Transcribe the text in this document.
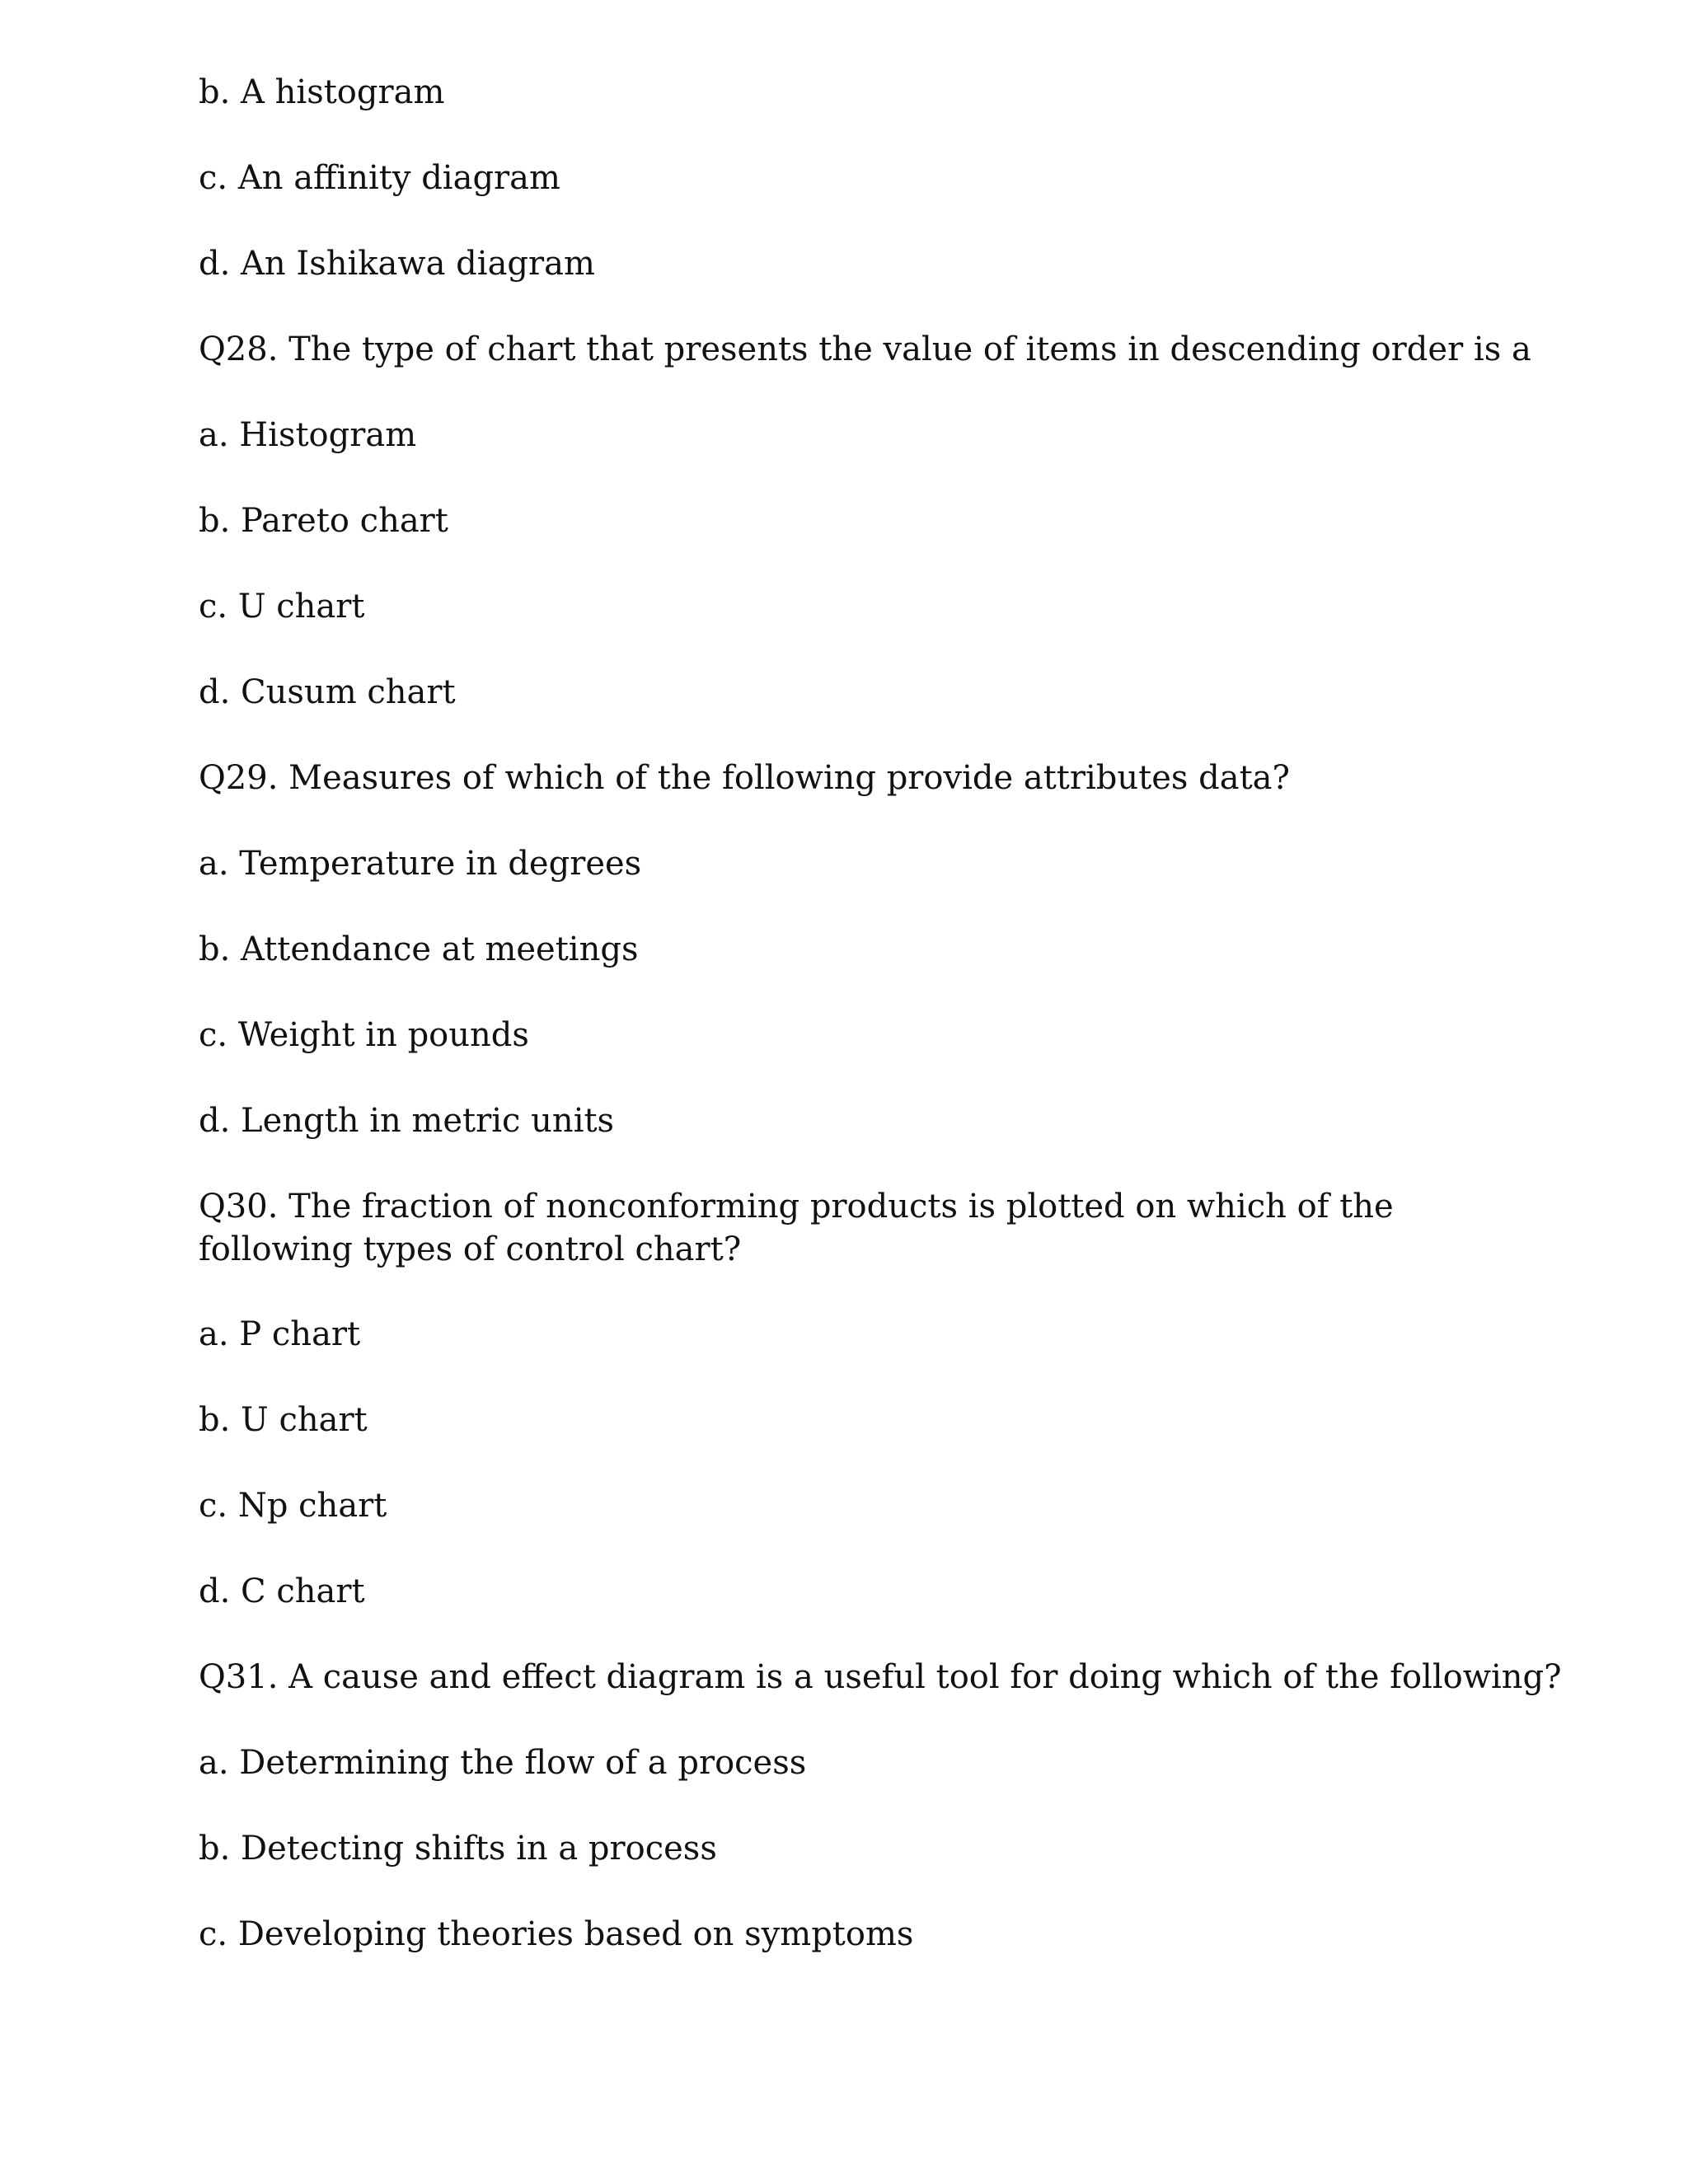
b. A histogram

c. An affinity diagram

d. An Ishikawa diagram

Q28. The type of chart that presents the value of items in descending order is a

a. Histogram

b. Pareto chart

c. U chart

d. Cusum chart

Q29. Measures of which of the following provide attributes data?

a. Temperature in degrees

b. Attendance at meetings

c. Weight in pounds

d. Length in metric units

Q30. The fraction of nonconforming products is plotted on which of the following types of control chart?

a. P chart

b. U chart

c. Np chart

d. C chart

Q31. A cause and effect diagram is a useful tool for doing which of the following?

a. Determining the flow of a process

b. Detecting shifts in a process

c. Developing theories based on symptoms
